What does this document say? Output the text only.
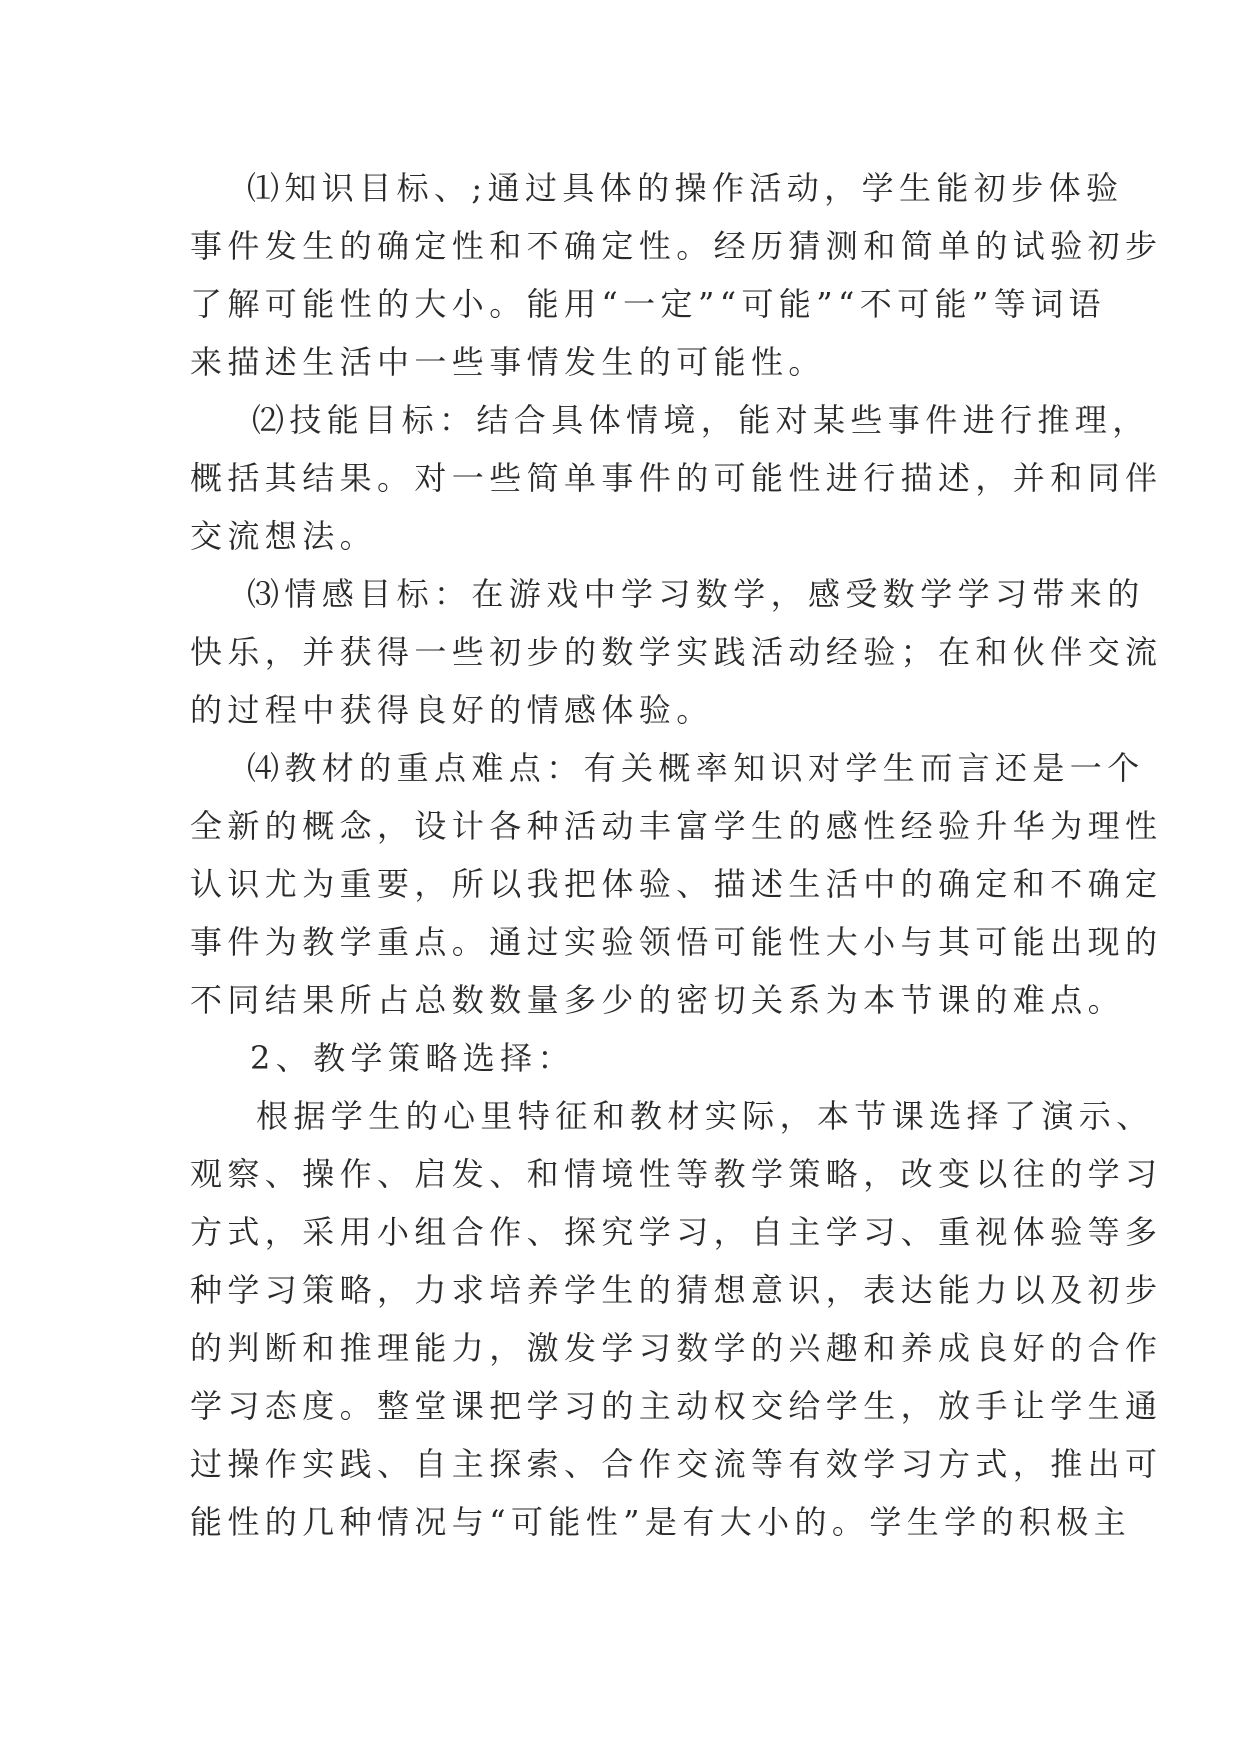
⑴知识目标、;通过具体的操作活动，学生能初步体验
事件发生的确定性和不确定性。经历猜测和简单的试验初步
了解可能性的大小。能用“一定”“可能”“不可能”等词语
来描述生活中一些事情发生的可能性。
⑵技能目标：结合具体情境，能对某些事件进行推理，
概括其结果。对一些简单事件的可能性进行描述，并和同伴
交流想法。
⑶情感目标：在游戏中学习数学，感受数学学习带来的
快乐，并获得一些初步的数学实践活动经验；在和伙伴交流
的过程中获得良好的情感体验。
⑷教材的重点难点：有关概率知识对学生而言还是一个
全新的概念，设计各种活动丰富学生的感性经验升华为理性
认识尤为重要，所以我把体验、描述生活中的确定和不确定
事件为教学重点。通过实验领悟可能性大小与其可能出现的
不同结果所占总数数量多少的密切关系为本节课的难点。
2、教学策略选择：
根据学生的心里特征和教材实际，本节课选择了演示、
观察、操作、启发、和情境性等教学策略，改变以往的学习
方式，采用小组合作、探究学习，自主学习、重视体验等多
种学习策略，力求培养学生的猜想意识，表达能力以及初步
的判断和推理能力，激发学习数学的兴趣和养成良好的合作
学习态度。整堂课把学习的主动权交给学生，放手让学生通
过操作实践、自主探索、合作交流等有效学习方式，推出可
能性的几种情况与“可能性”是有大小的。学生学的积极主
